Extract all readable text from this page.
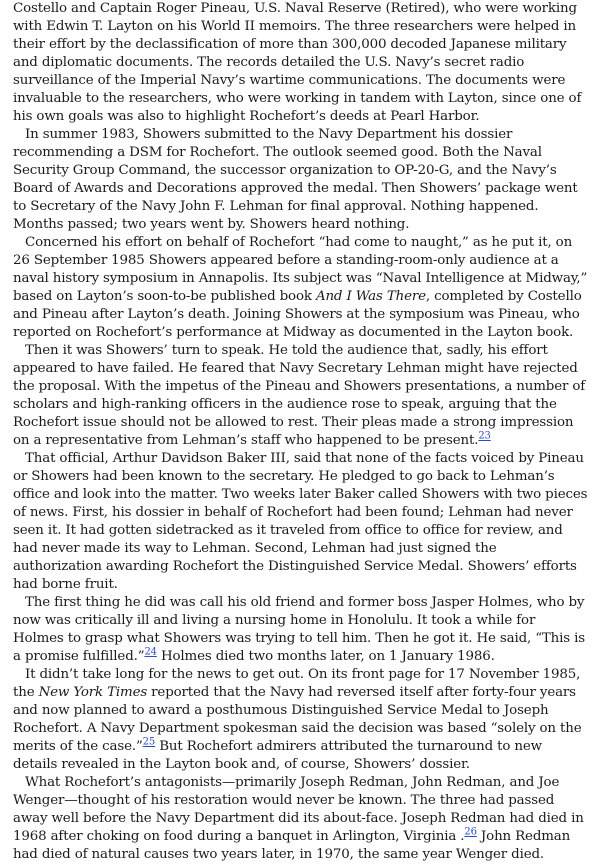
Costello and Captain Roger Pineau, U.S. Naval Reserve (Retired), who were working with Edwin T. Layton on his World II memoirs. The three researchers were helped in their effort by the declassification of more than 300,000 decoded Japanese military and diplomatic documents. The records detailed the U.S. Navy’s secret radio surveillance of the Imperial Navy’s wartime communications. The documents were invaluable to the researchers, who were working in tandem with Layton, since one of his own goals was also to highlight Rochefort’s deeds at Pearl Harbor.

In summer 1983, Showers submitted to the Navy Department his dossier recommending a DSM for Rochefort. The outlook seemed good. Both the Naval Security Group Command, the successor organization to OP-20-G, and the Navy’s Board of Awards and Decorations approved the medal. Then Showers’ package went to Secretary of the Navy John F. Lehman for final approval. Nothing happened. Months passed; two years went by. Showers heard nothing.

Concerned his effort on behalf of Rochefort “had come to naught,” as he put it, on 26 September 1985 Showers appeared before a standing-room-only audience at a naval history symposium in Annapolis. Its subject was “Naval Intelligence at Midway,” based on Layton’s soon-to-be published book And I Was There, completed by Costello and Pineau after Layton’s death. Joining Showers at the symposium was Pineau, who reported on Rochefort’s performance at Midway as documented in the Layton book.

Then it was Showers’ turn to speak. He told the audience that, sadly, his effort appeared to have failed. He feared that Navy Secretary Lehman might have rejected the proposal. With the impetus of the Pineau and Showers presentations, a number of scholars and high-ranking officers in the audience rose to speak, arguing that the Rochefort issue should not be allowed to rest. Their pleas made a strong impression on a representative from Lehman’s staff who happened to be present.$^{23}$

That official, Arthur Davidson Baker III, said that none of the facts voiced by Pineau or Showers had been known to the secretary. He pledged to go back to Lehman’s office and look into the matter. Two weeks later Baker called Showers with two pieces of news. First, his dossier in behalf of Rochefort had been found; Lehman had never seen it. It had gotten sidetracked as it traveled from office to office for review, and had never made its way to Lehman. Second, Lehman had just signed the authorization awarding Rochefort the Distinguished Service Medal. Showers’ efforts had borne fruit.

The first thing he did was call his old friend and former boss Jasper Holmes, who by now was critically ill and living a nursing home in Honolulu. It took a while for Holmes to grasp what Showers was trying to tell him. Then he got it. He said, “This is a promise fulfilled.”$^{24}$ Holmes died two months later, on 1 January 1986.

It didn’t take long for the news to get out. On its front page for 17 November 1985, the New York Times reported that the Navy had reversed itself after forty-four years and now planned to award a posthumous Distinguished Service Medal to Joseph Rochefort. A Navy Department spokesman said the decision was based “solely on the merits of the case.”$^{25}$ But Rochefort admirers attributed the turnaround to new details revealed in the Layton book and, of course, Showers’ dossier.

What Rochefort’s antagonists—primarily Joseph Redman, John Redman, and Joe Wenger—thought of his restoration would never be known. The three had passed away well before the Navy Department did its about-face. Joseph Redman had died in 1968 after choking on food during a banquet in Arlington, Virginia .$^{26}$ John Redman had died of natural causes two years later, in 1970, the same year Wenger died.
